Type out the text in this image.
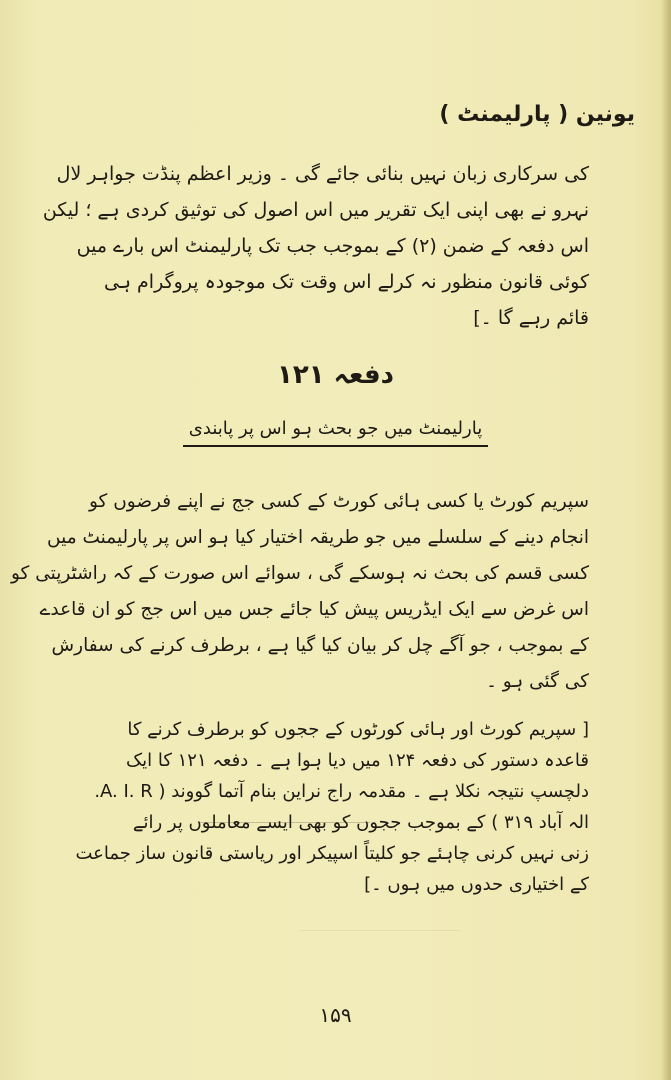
یونین ( پارلیمنٹ )
کی سرکاری زبان نہیں بنائی جائے گی ۔ وزیر اعظم پنڈت جواہر لال
نہرو نے بھی اپنی ایک تقریر میں اس اصول کی توثیق کردی ہے ؛ لیکن
اس دفعہ کے ضمن (۲) کے بموجب جب تک پارلیمنٹ اس بارے میں
کوئی قانون منظور نہ کرلے اس وقت تک موجودہ پروگرام ہی
قائم رہے گا ۔]
دفعہ ۱۲۱
پارلیمنٹ میں جو بحث ہو اس پر پابندی
سپریم کورٹ یا کسی ہائی کورٹ کے کسی جج نے اپنے فرضوں کو
انجام دینے کے سلسلے میں جو طریقہ اختیار کیا ہو اس پر پارلیمنٹ میں
کسی قسم کی بحث نہ ہوسکے گی ، سوائے اس صورت کے کہ راشٹرپتی کو
اس غرض سے ایک ایڈریس پیش کیا جائے جس میں اس جج کو ان قاعدے
کے بموجب ، جو آگے چل کر بیان کیا گیا ہے ، برطرف کرنے کی سفارش
کی گئی ہو ۔
[ سپریم کورٹ اور ہائی کورٹوں کے ججوں کو برطرف کرنے کا
قاعدہ دستور کی دفعہ ۱۲۴ میں دیا ہوا ہے ۔ دفعہ ۱۲۱ کا ایک
دلچسپ نتیجہ نکلا ہے ۔ مقدمہ راج نراین بنام آتما گووند ( A. I. R.
الہ آباد ۳۱۹ ) کے بموجب ججوں کو بھی ایسے معاملوں پر رائے
زنی نہیں کرنی چاہئے جو کلیتاً اسپیکر اور ریاستی قانون ساز جماعت
کے اختیاری حدوں میں ہوں ۔]
۱۵۹
